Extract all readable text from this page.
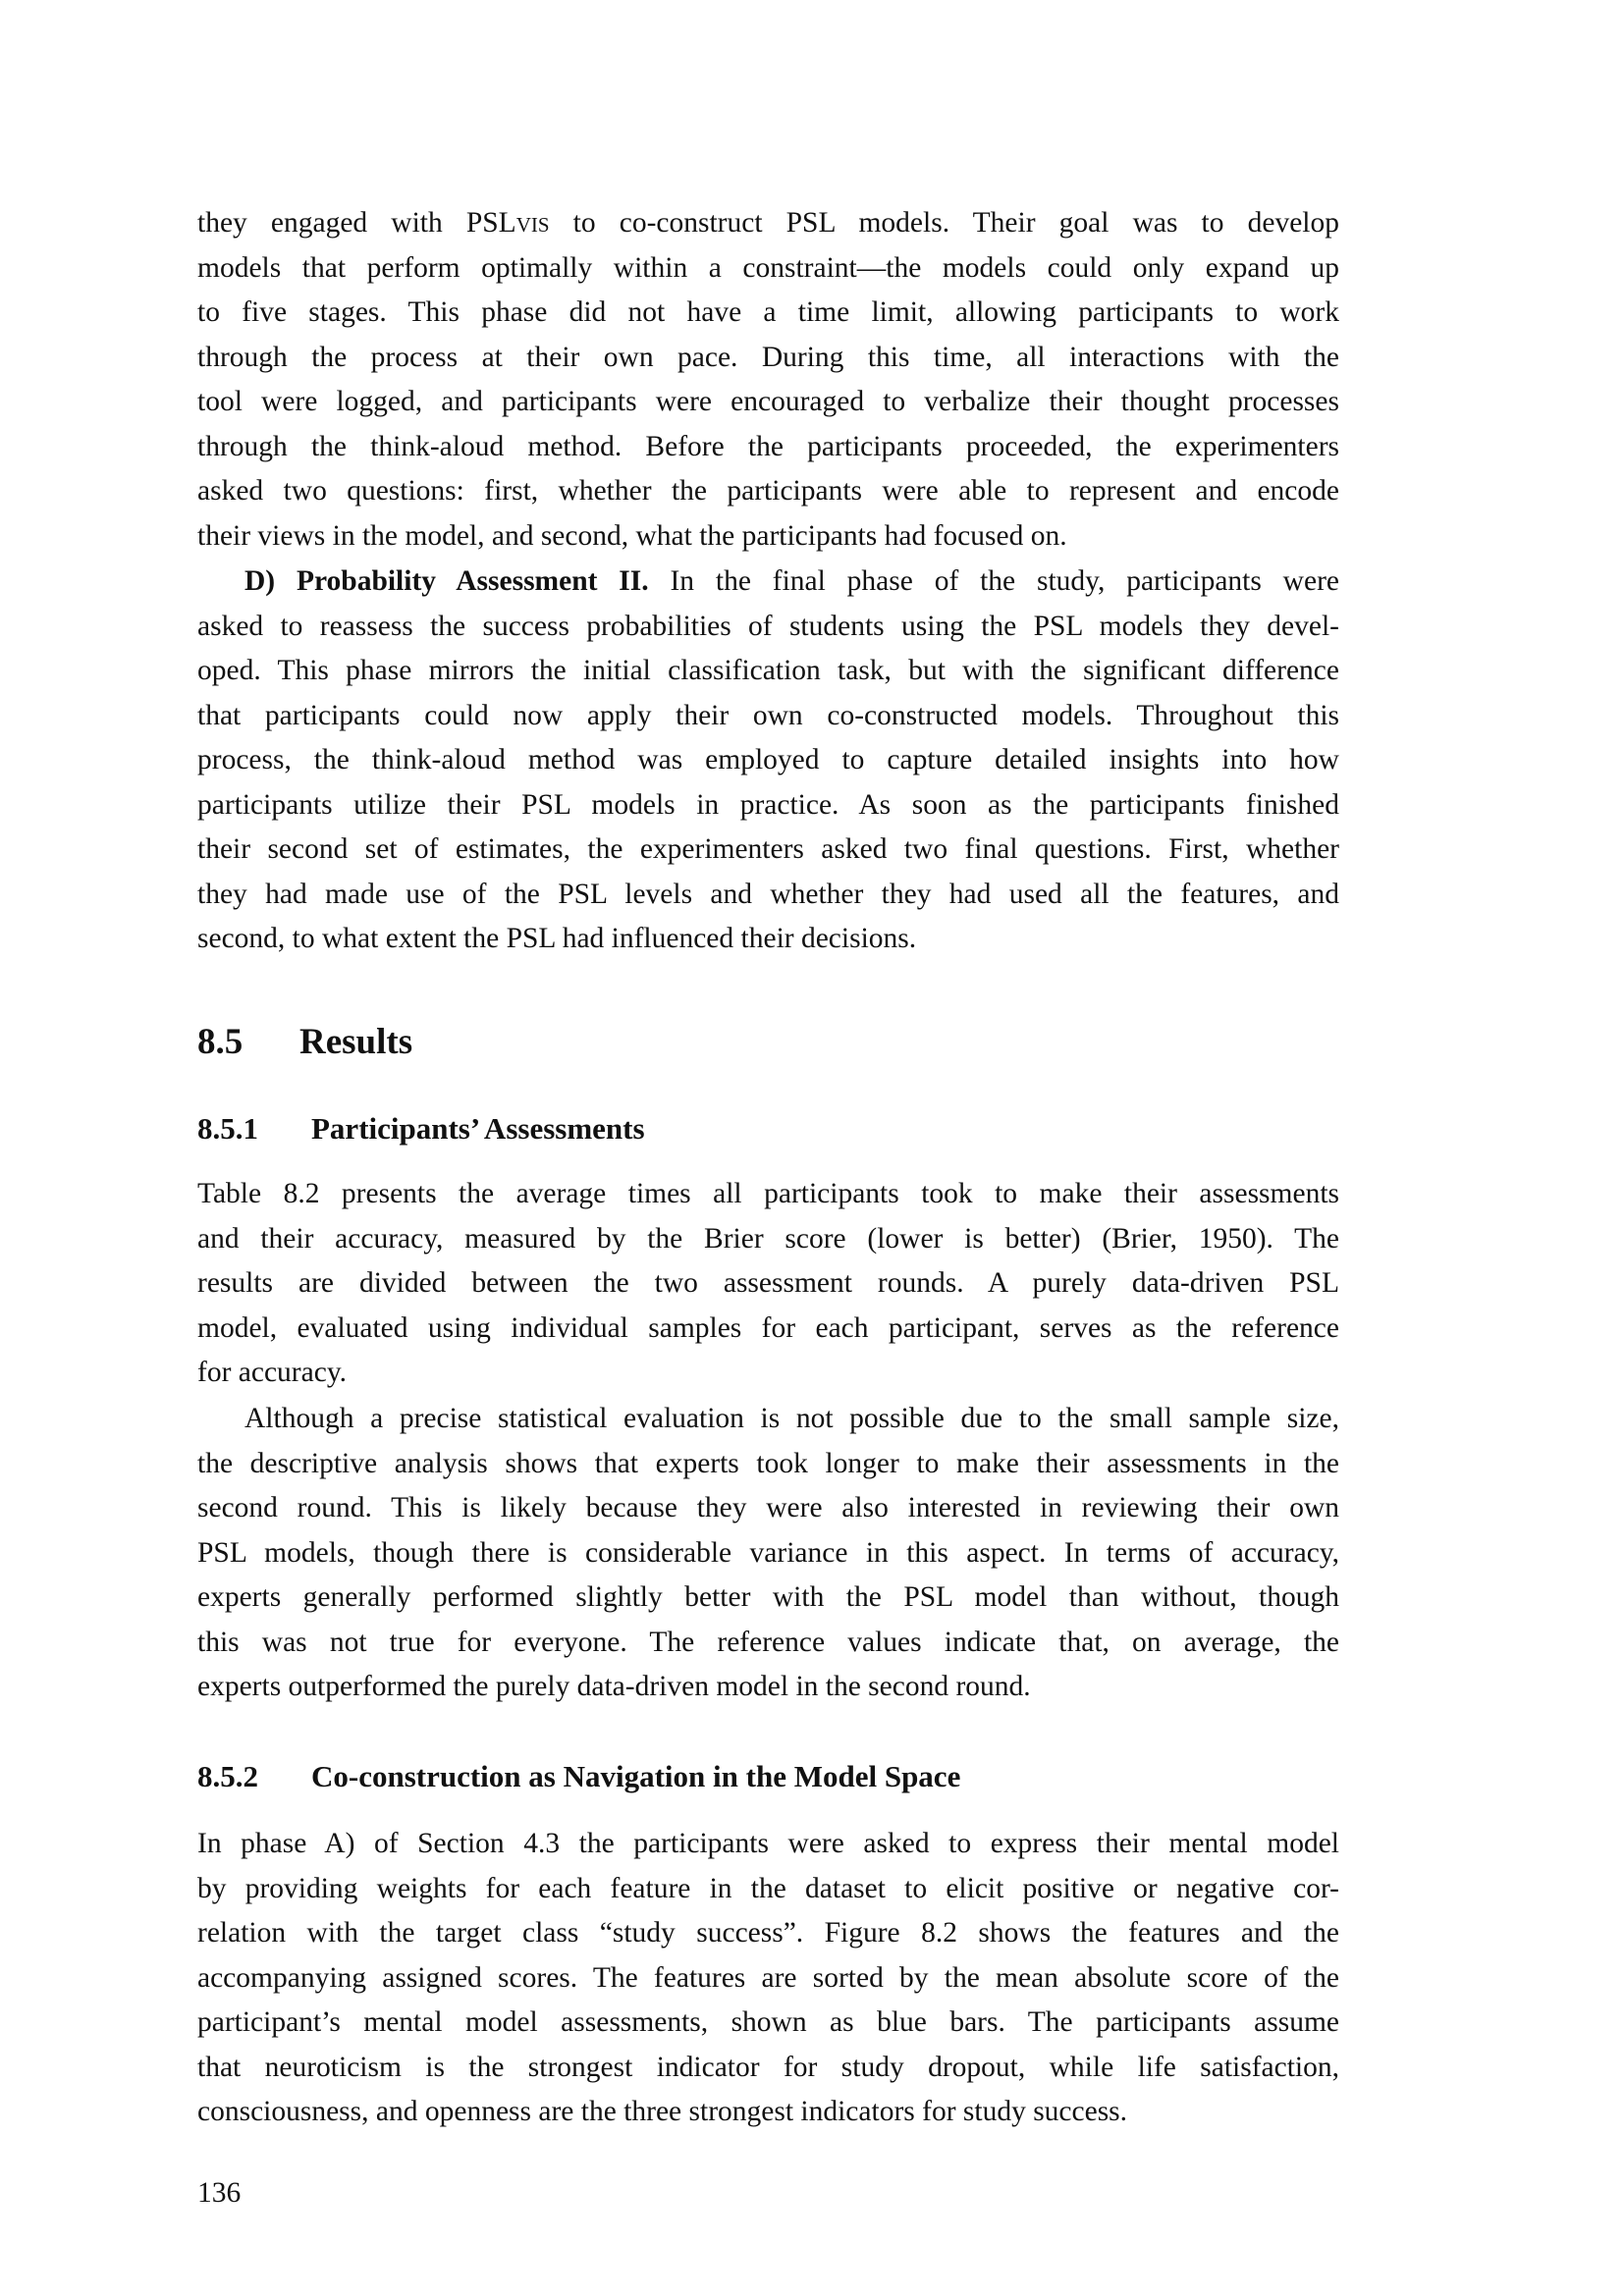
they engaged with PSLvis to co-construct PSL models. Their goal was to develop
models that perform optimally within a constraint—the models could only expand up
to five stages. This phase did not have a time limit, allowing participants to work
through the process at their own pace. During this time, all interactions with the
tool were logged, and participants were encouraged to verbalize their thought processes
through the think-aloud method. Before the participants proceeded, the experimenters
asked two questions: first, whether the participants were able to represent and encode
their views in the model, and second, what the participants had focused on.
D) Probability Assessment II. In the final phase of the study, participants were
asked to reassess the success probabilities of students using the PSL models they devel-
oped. This phase mirrors the initial classification task, but with the significant difference
that participants could now apply their own co-constructed models. Throughout this
process, the think-aloud method was employed to capture detailed insights into how
participants utilize their PSL models in practice. As soon as the participants finished
their second set of estimates, the experimenters asked two final questions. First, whether
they had made use of the PSL levels and whether they had used all the features, and
second, to what extent the PSL had influenced their decisions.
8.5 Results
8.5.1 Participants’ Assessments
Table 8.2 presents the average times all participants took to make their assessments
and their accuracy, measured by the Brier score (lower is better) (Brier, 1950). The
results are divided between the two assessment rounds. A purely data-driven PSL
model, evaluated using individual samples for each participant, serves as the reference
for accuracy.
Although a precise statistical evaluation is not possible due to the small sample size,
the descriptive analysis shows that experts took longer to make their assessments in the
second round. This is likely because they were also interested in reviewing their own
PSL models, though there is considerable variance in this aspect. In terms of accuracy,
experts generally performed slightly better with the PSL model than without, though
this was not true for everyone. The reference values indicate that, on average, the
experts outperformed the purely data-driven model in the second round.
8.5.2 Co-construction as Navigation in the Model Space
In phase A) of Section 4.3 the participants were asked to express their mental model
by providing weights for each feature in the dataset to elicit positive or negative cor-
relation with the target class “study success”. Figure 8.2 shows the features and the
accompanying assigned scores. The features are sorted by the mean absolute score of the
participant’s mental model assessments, shown as blue bars. The participants assume
that neuroticism is the strongest indicator for study dropout, while life satisfaction,
consciousness, and openness are the three strongest indicators for study success.
136
